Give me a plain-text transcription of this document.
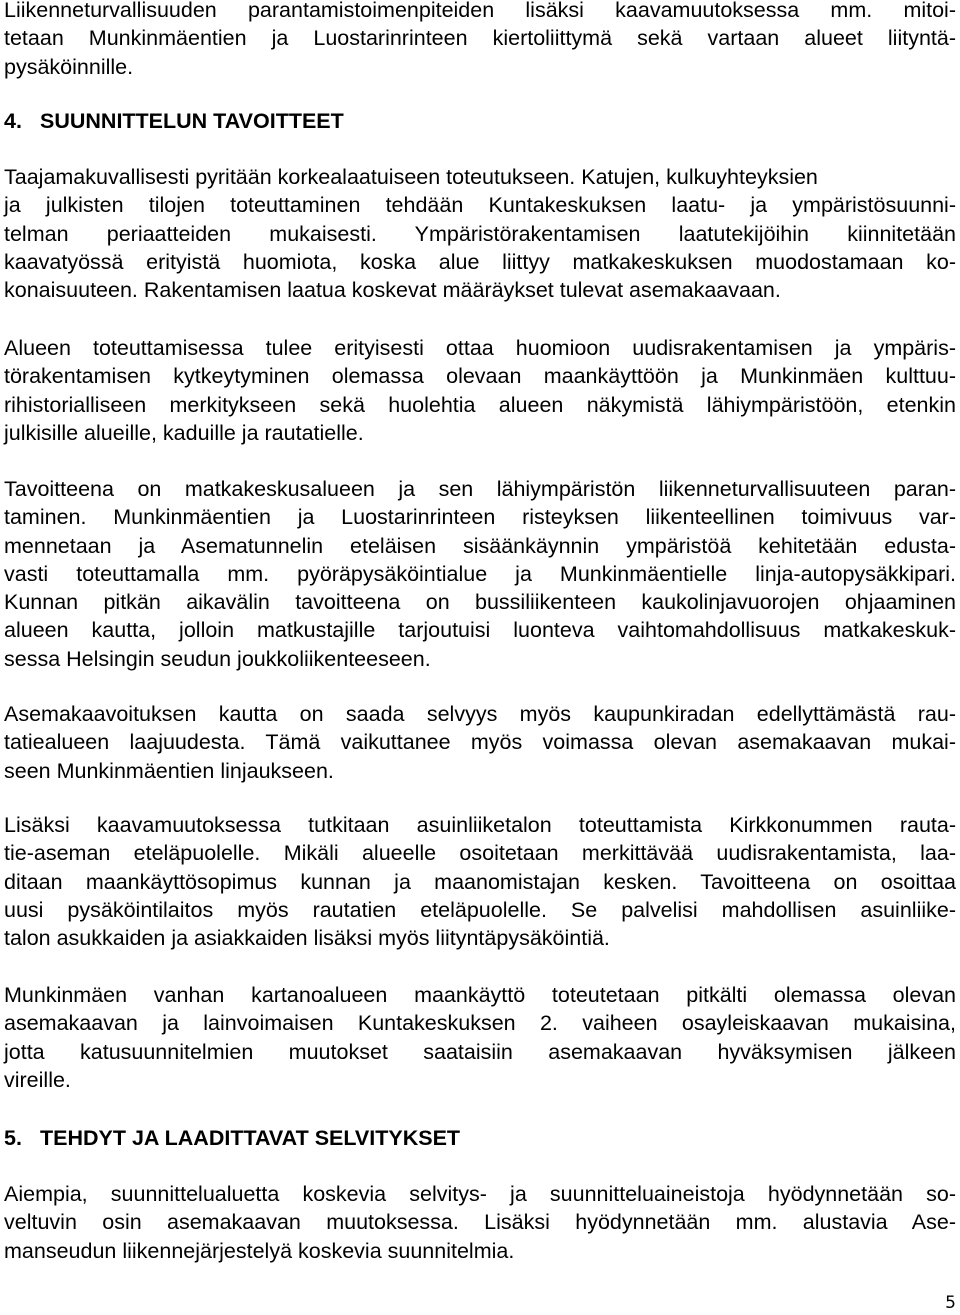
Liikenneturvallisuuden parantamistoimenpiteiden lisäksi kaavamuutoksessa mm. mitoi-
tetaan Munkinmäentien ja Luostarinrinteen kiertoliittymä sekä vartaan alueet liityntä-
pysäköinnille.
4. SUUNNITTELUN TAVOITTEET
Taajamakuvallisesti pyritään korkealaatuiseen toteutukseen. Katujen, kulkuyhteyksien
ja julkisten tilojen toteuttaminen tehdään Kuntakeskuksen laatu- ja ympäristösuunni-
telman periaatteiden mukaisesti. Ympäristörakentamisen laatutekijöihin kiinnitetään
kaavatyössä erityistä huomiota, koska alue liittyy matkakeskuksen muodostamaan ko-
konaisuuteen. Rakentamisen laatua koskevat määräykset tulevat asemakaavaan.
Alueen toteuttamisessa tulee erityisesti ottaa huomioon uudisrakentamisen ja ympäris-
törakentamisen kytkeytyminen olemassa olevaan maankäyttöön ja Munkinmäen kulttuu-
rihistorialliseen merkitykseen sekä huolehtia alueen näkymistä lähiympäristöön, etenkin
julkisille alueille, kaduille ja rautatielle.
Tavoitteena on matkakeskusalueen ja sen lähiympäristön liikenneturvallisuuteen paran-
taminen. Munkinmäentien ja Luostarinrinteen risteyksen liikenteellinen toimivuus var-
mennetaan ja Asematunnelin eteläisen sisäänkäynnin ympäristöä kehitetään edusta-
vasti toteuttamalla mm. pyöräpysäköintialue ja Munkinmäentielle linja-autopysäkkipari.
Kunnan pitkän aikavälin tavoitteena on bussiliikenteen kaukolinjavuorojen ohjaaminen
alueen kautta, jolloin matkustajille tarjoutuisi luonteva vaihtomahdollisuus matkakeskuk-
sessa Helsingin seudun joukkoliikenteeseen.
Asemakaavoituksen kautta on saada selvyys myös kaupunkiradan edellyttämästä rau-
tatiealueen laajuudesta. Tämä vaikuttanee myös voimassa olevan asemakaavan mukai-
seen Munkinmäentien linjaukseen.
Lisäksi kaavamuutoksessa tutkitaan asuinliiketalon toteuttamista Kirkkonummen rauta-
tie-aseman eteläpuolelle. Mikäli alueelle osoitetaan merkittävää uudisrakentamista, laa-
ditaan maankäyttösopimus kunnan ja maanomistajan kesken. Tavoitteena on osoittaa
uusi pysäköintilaitos myös rautatien eteläpuolelle. Se palvelisi mahdollisen asuinliike-
talon asukkaiden ja asiakkaiden lisäksi myös liityntäpysäköintiä.
Munkinmäen vanhan kartanoalueen maankäyttö toteutetaan pitkälti olemassa olevan
asemakaavan ja lainvoimaisen Kuntakeskuksen 2. vaiheen osayleiskaavan mukaisina,
jotta katusuunnitelmien muutokset saataisiin asemakaavan hyväksymisen jälkeen
vireille.
5. TEHDYT JA LAADITTAVAT SELVITYKSET
Aiempia, suunnittelualuetta koskevia selvitys- ja suunnitteluaineistoja hyödynnetään so-
veltuvin osin asemakaavan muutoksessa. Lisäksi hyödynnetään mm. alustavia Ase-
manseudun liikennejärjestelyä koskevia suunnitelmia.
5
